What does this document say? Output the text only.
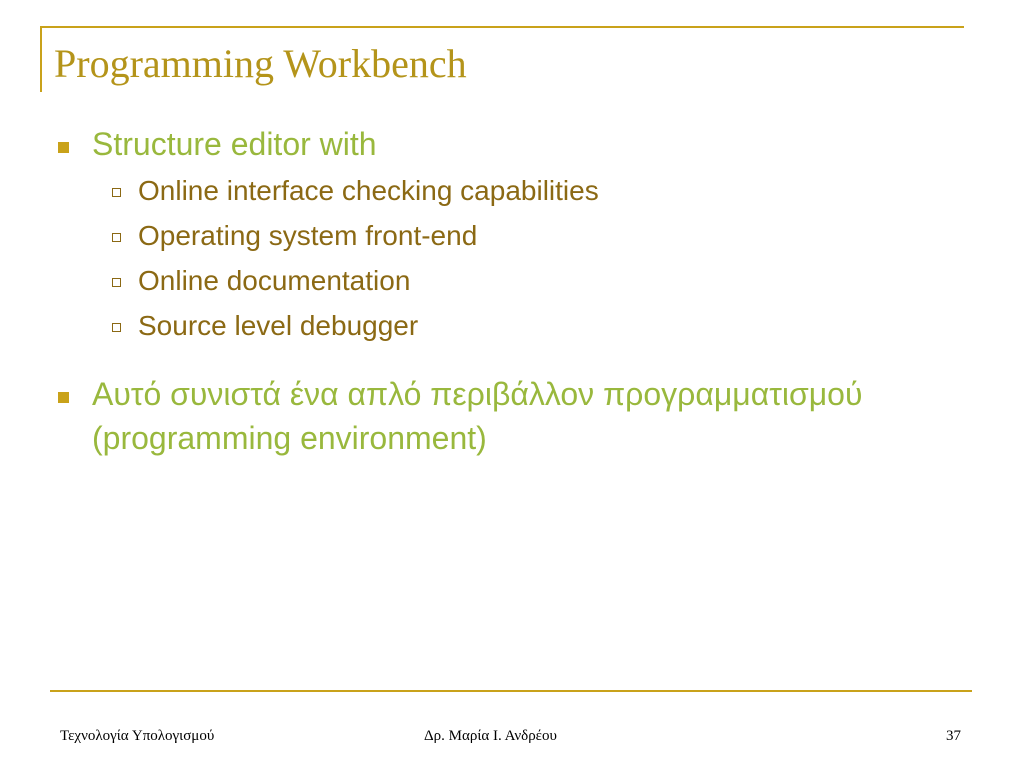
Programming Workbench
Structure editor with
Online interface checking capabilities
Operating system front-end
Online documentation
Source level debugger
Αυτό συνιστά ένα απλό περιβάλλον προγραμματισμού (programming environment)
Τεχνολογία Υπολογισμού	Δρ. Μαρία Ι. Ανδρέου	37
